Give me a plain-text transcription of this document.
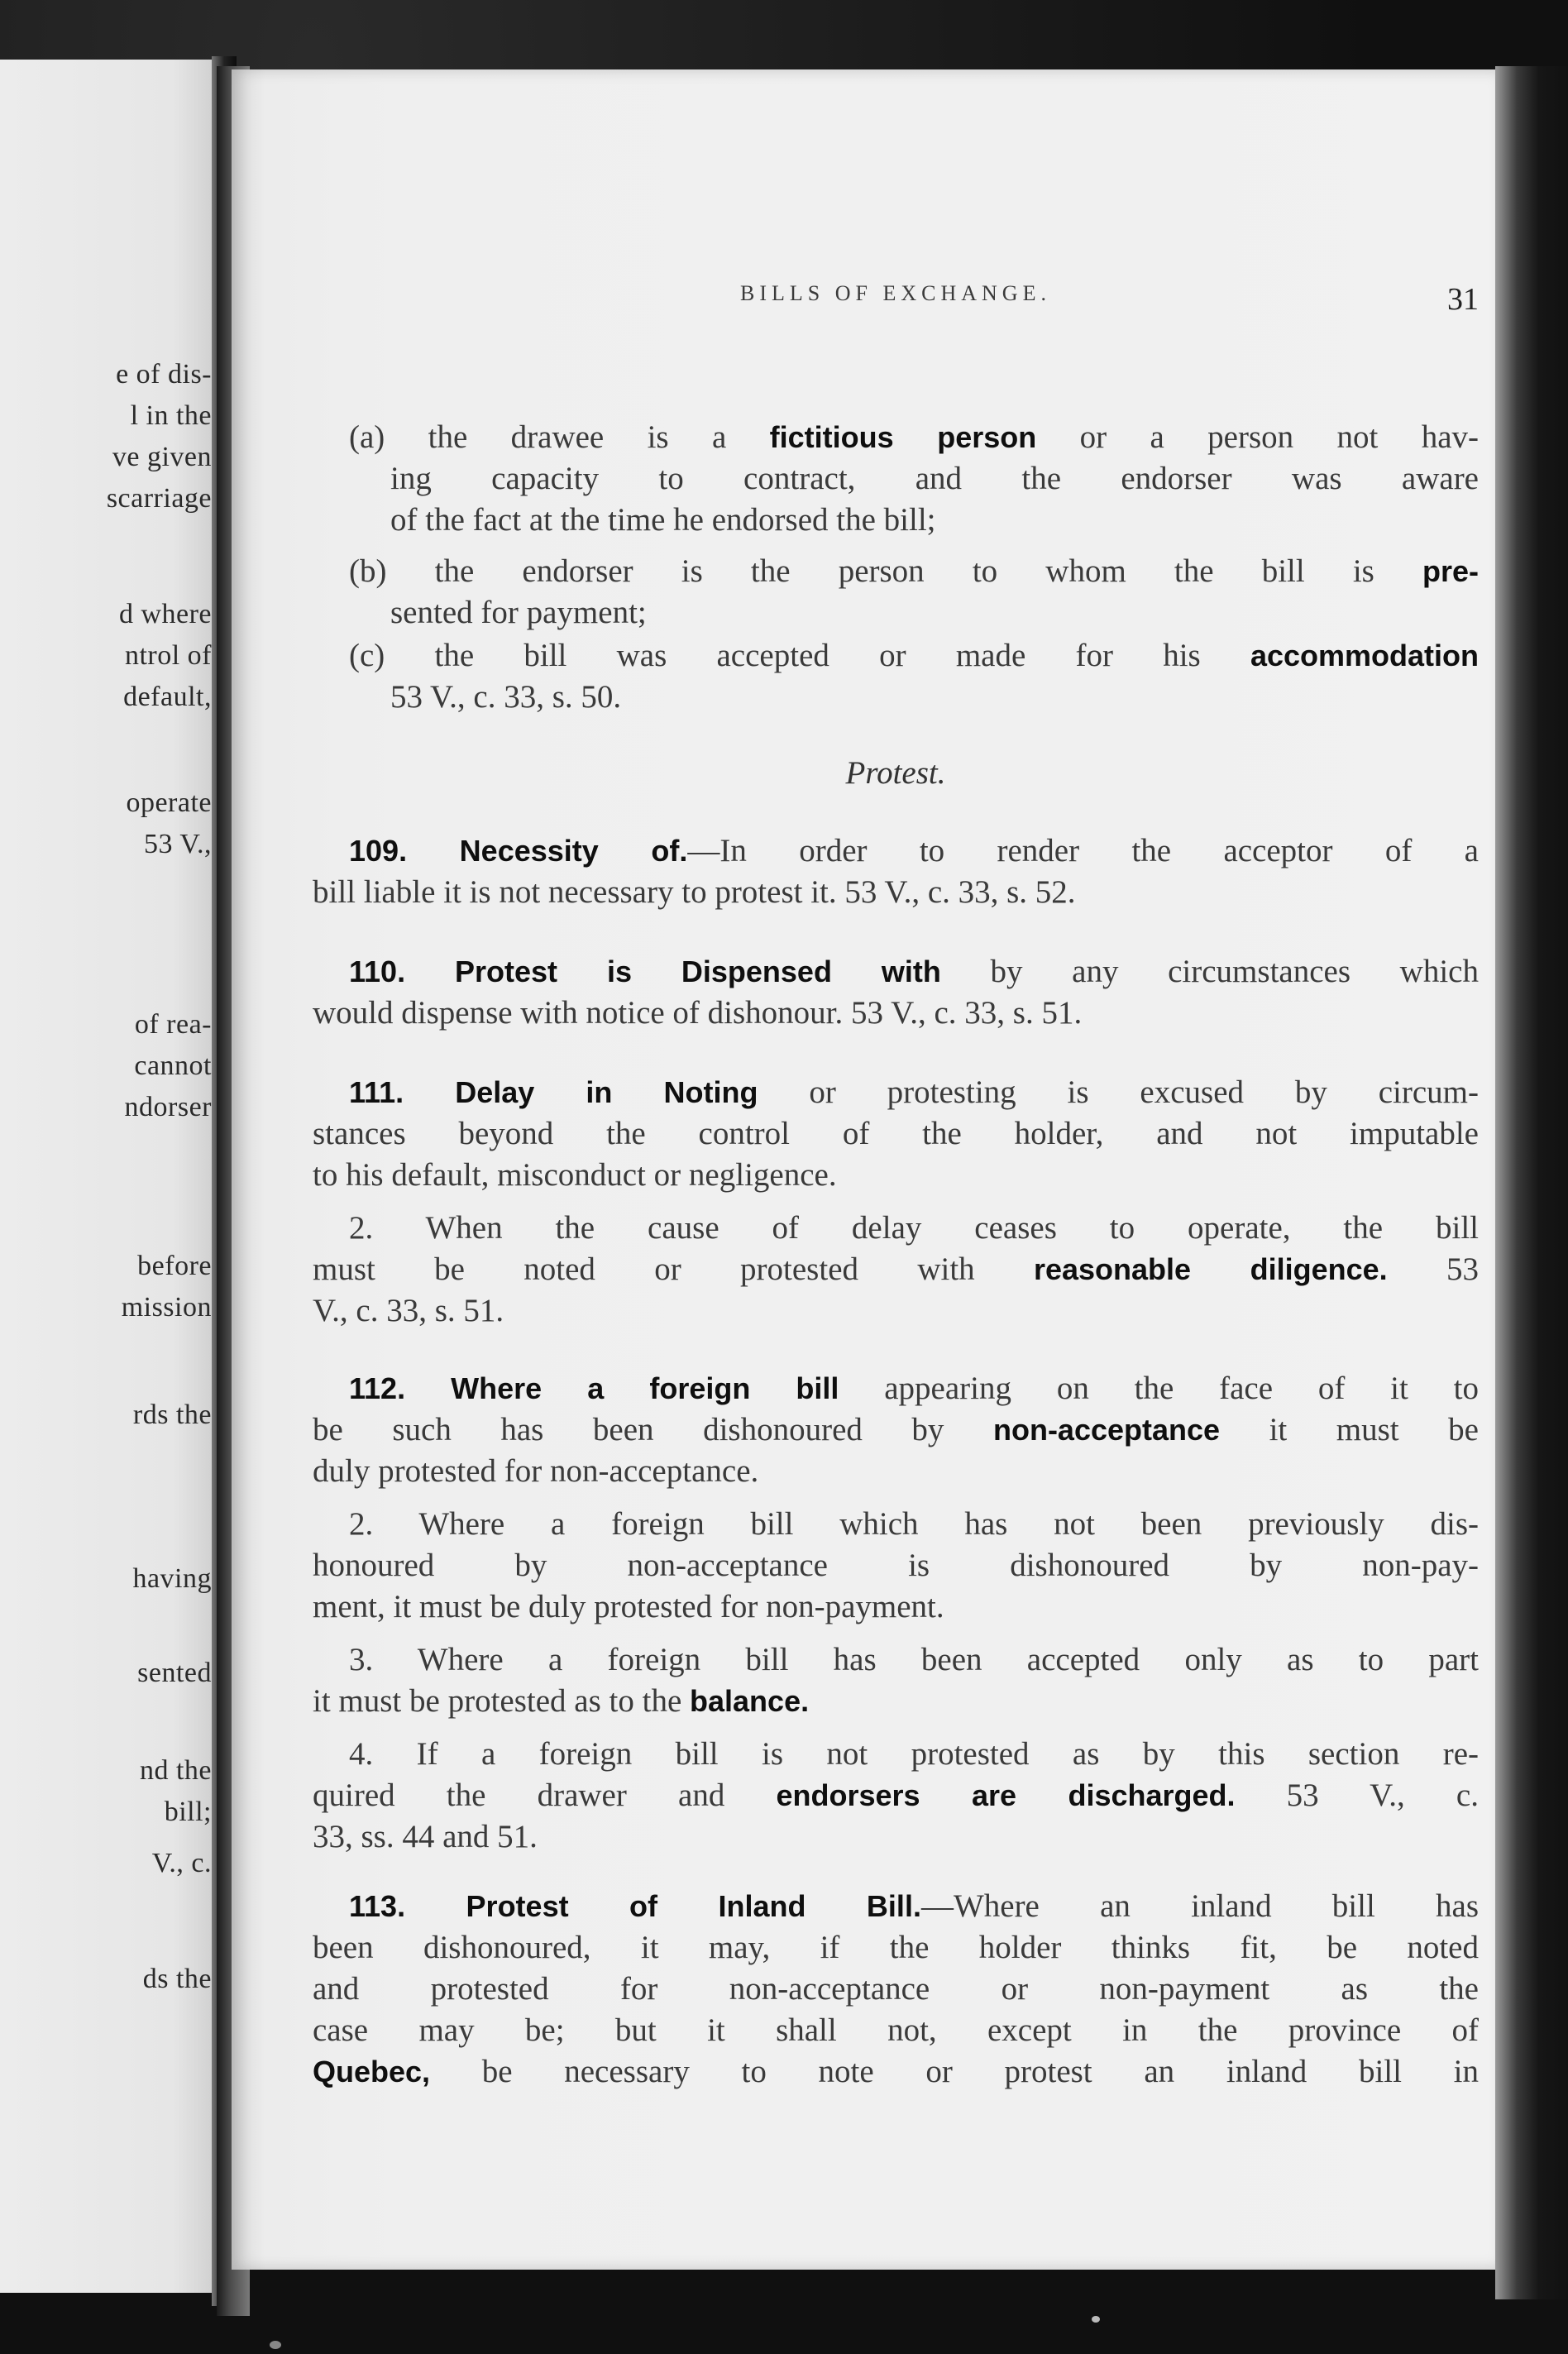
e of dis-
l in the
ve given
scarriage
d where
ntrol of
default,
operate
53 V.,
of rea-
cannot
ndorser
before
mission
rds the
having
sented
nd the
bill;
V., c.
ds the
BILLS OF EXCHANGE.	31
(a) the drawee is a fictitious person or a person not hav-
ing capacity to contract, and the endorser was aware
of the fact at the time he endorsed the bill;
(b) the endorser is the person to whom the bill is pre-
sented for payment;
(c) the bill was accepted or made for his accommodation
53 V., c. 33, s. 50.
Protest.
109. Necessity of.—In order to render the acceptor of a
bill liable it is not necessary to protest it. 53 V., c. 33, s. 52.
110. Protest is Dispensed with by any circumstances which
would dispense with notice of dishonour. 53 V., c. 33, s. 51.
111. Delay in Noting or protesting is excused by circum-
stances beyond the control of the holder, and not imputable
to his default, misconduct or negligence.
2. When the cause of delay ceases to operate, the bill
must be noted or protested with reasonable diligence. 53
V., c. 33, s. 51.
112. Where a foreign bill appearing on the face of it to
be such has been dishonoured by non-acceptance it must be
duly protested for non-acceptance.
2. Where a foreign bill which has not been previously dis-
honoured by non-acceptance is dishonoured by non-pay-
ment, it must be duly protested for non-payment.
3. Where a foreign bill has been accepted only as to part
it must be protested as to the balance.
4. If a foreign bill is not protested as by this section re-
quired the drawer and endorsers are discharged. 53 V., c.
33, ss. 44 and 51.
113. Protest of Inland Bill.—Where an inland bill has
been dishonoured, it may, if the holder thinks fit, be noted
and protested for non-acceptance or non-payment as the
case may be; but it shall not, except in the province of
Quebec, be necessary to note or protest an inland bill in
